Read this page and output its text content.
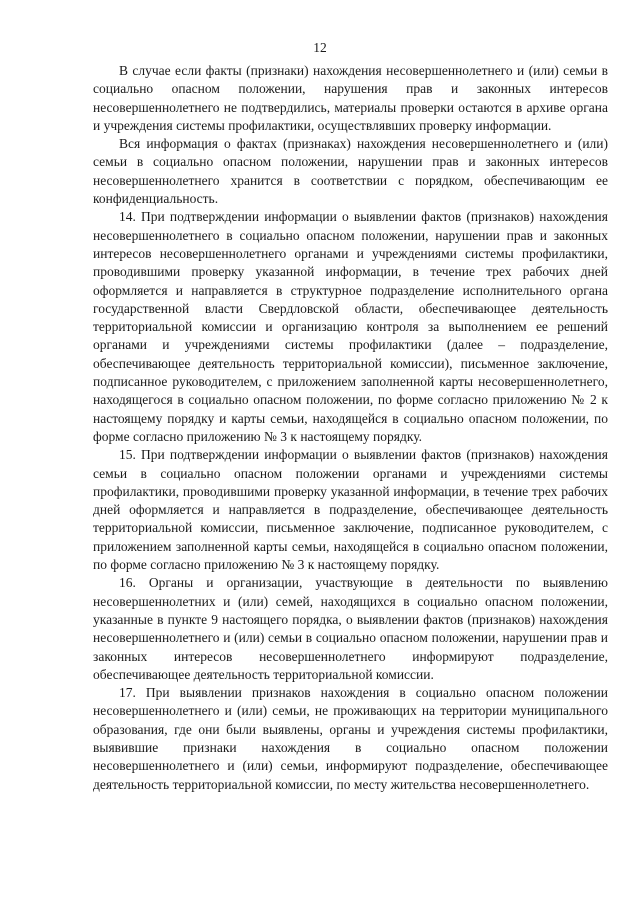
12

В случае если факты (признаки) нахождения несовершеннолетнего и (или) семьи в социально опасном положении, нарушения прав и законных интересов несовершеннолетнего не подтвердились, материалы проверки остаются в архиве органа и учреждения системы профилактики, осуществлявших проверку информации.

Вся информация о фактах (признаках) нахождения несовершеннолетнего и (или) семьи в социально опасном положении, нарушении прав и законных интересов несовершеннолетнего хранится в соответствии с порядком, обеспечивающим ее конфиденциальность.

14. При подтверждении информации о выявлении фактов (признаков) нахождения несовершеннолетнего в социально опасном положении, нарушении прав и законных интересов несовершеннолетнего органами и учреждениями системы профилактики, проводившими проверку указанной информации, в течение трех рабочих дней оформляется и направляется в структурное подразделение исполнительного органа государственной власти Свердловской области, обеспечивающее деятельность территориальной комиссии и организацию контроля за выполнением ее решений органами и учреждениями системы профилактики (далее – подразделение, обеспечивающее деятельность территориальной комиссии), письменное заключение, подписанное руководителем, с приложением заполненной карты несовершеннолетнего, находящегося в социально опасном положении, по форме согласно приложению № 2 к настоящему порядку и карты семьи, находящейся в социально опасном положении, по форме согласно приложению № 3 к настоящему порядку.

15. При подтверждении информации о выявлении фактов (признаков) нахождения семьи в социально опасном положении органами и учреждениями системы профилактики, проводившими проверку указанной информации, в течение трех рабочих дней оформляется и направляется в подразделение, обеспечивающее деятельность территориальной комиссии, письменное заключение, подписанное руководителем, с приложением заполненной карты семьи, находящейся в социально опасном положении, по форме согласно приложению № 3 к настоящему порядку.

16. Органы и организации, участвующие в деятельности по выявлению несовершеннолетних и (или) семей, находящихся в социально опасном положении, указанные в пункте 9 настоящего порядка, о выявлении фактов (признаков) нахождения несовершеннолетнего и (или) семьи в социально опасном положении, нарушении прав и законных интересов несовершеннолетнего информируют подразделение, обеспечивающее деятельность территориальной комиссии.

17. При выявлении признаков нахождения в социально опасном положении несовершеннолетнего и (или) семьи, не проживающих на территории муниципального образования, где они были выявлены, органы и учреждения системы профилактики, выявившие признаки нахождения в социально опасном положении несовершеннолетнего и (или) семьи, информируют подразделение, обеспечивающее деятельность территориальной комиссии, по месту жительства несовершеннолетнего.
